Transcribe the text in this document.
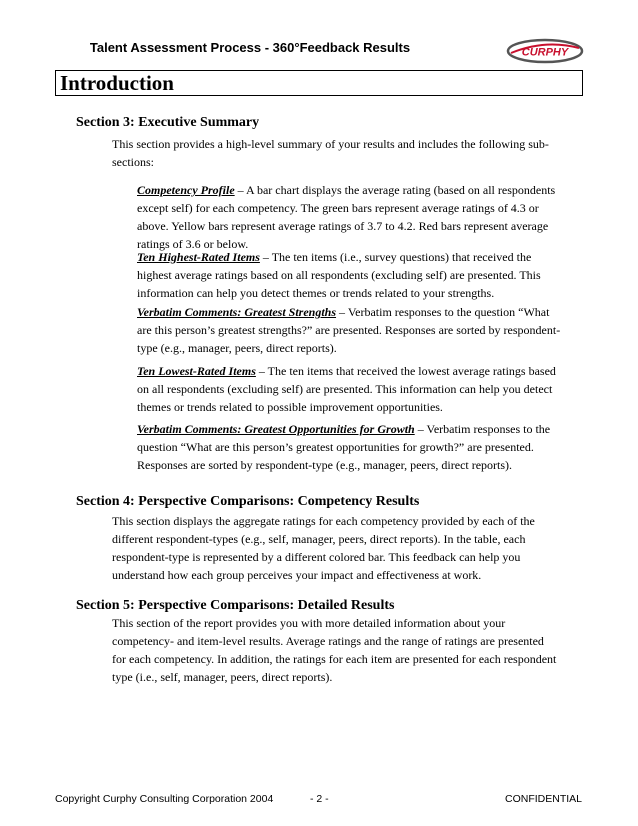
Talent Assessment Process - 360°Feedback Results	CURPHY
Introduction
Section 3: Executive Summary
This section provides a high-level summary of your results and includes the following sub-
sections:
Competency Profile – A bar chart displays the average rating (based on all respondents
except self) for each competency. The green bars represent average ratings of 4.3 or
above. Yellow bars represent average ratings of 3.7 to 4.2. Red bars represent average
ratings of 3.6 or below.
Ten Highest-Rated Items – The ten items (i.e., survey questions) that received the
highest average ratings based on all respondents (excluding self) are presented. This
information can help you detect themes or trends related to your strengths.
Verbatim Comments: Greatest Strengths – Verbatim responses to the question “What
are this person’s greatest strengths?” are presented. Responses are sorted by respondent-
type (e.g., manager, peers, direct reports).
Ten Lowest-Rated Items – The ten items that received the lowest average ratings based
on all respondents (excluding self) are presented. This information can help you detect
themes or trends related to possible improvement opportunities.
Verbatim Comments: Greatest Opportunities for Growth – Verbatim responses to the
question “What are this person’s greatest opportunities for growth?” are presented.
Responses are sorted by respondent-type (e.g., manager, peers, direct reports).
Section 4: Perspective Comparisons: Competency Results
This section displays the aggregate ratings for each competency provided by each of the
different respondent-types (e.g., self, manager, peers, direct reports). In the table, each
respondent-type is represented by a different colored bar. This feedback can help you
understand how each group perceives your impact and effectiveness at work.
Section 5: Perspective Comparisons: Detailed Results
This section of the report provides you with more detailed information about your
competency- and item-level results. Average ratings and the range of ratings are presented
for each competency. In addition, the ratings for each item are presented for each respondent
type (i.e., self, manager, peers, direct reports).
Copyright Curphy Consulting Corporation 2004	- 2 -	CONFIDENTIAL
